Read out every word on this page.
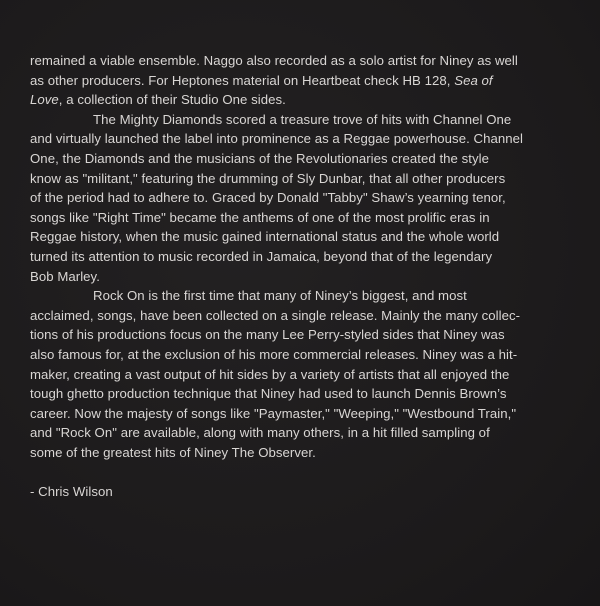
remained a viable ensemble. Naggo also recorded as a solo artist for Niney as well
as other producers. For Heptones material on Heartbeat check HB 128, Sea of
Love, a collection of their Studio One sides.
The Mighty Diamonds scored a treasure trove of hits with Channel One
and virtually launched the label into prominence as a Reggae powerhouse. Channel
One, the Diamonds and the musicians of the Revolutionaries created the style
know as "militant," featuring the drumming of Sly Dunbar, that all other producers
of the period had to adhere to. Graced by Donald "Tabby" Shaw’s yearning tenor,
songs like "Right Time" became the anthems of one of the most prolific eras in
Reggae history, when the music gained international status and the whole world
turned its attention to music recorded in Jamaica, beyond that of the legendary
Bob Marley.
Rock On is the first time that many of Niney’s biggest, and most
acclaimed, songs, have been collected on a single release. Mainly the many collec-
tions of his productions focus on the many Lee Perry-styled sides that Niney was
also famous for, at the exclusion of his more commercial releases. Niney was a hit-
maker, creating a vast output of hit sides by a variety of artists that all enjoyed the
tough ghetto production technique that Niney had used to launch Dennis Brown’s
career. Now the majesty of songs like "Paymaster," "Weeping," "Westbound Train,"
and "Rock On" are available, along with many others, in a hit filled sampling of
some of the greatest hits of Niney The Observer.
- Chris Wilson
